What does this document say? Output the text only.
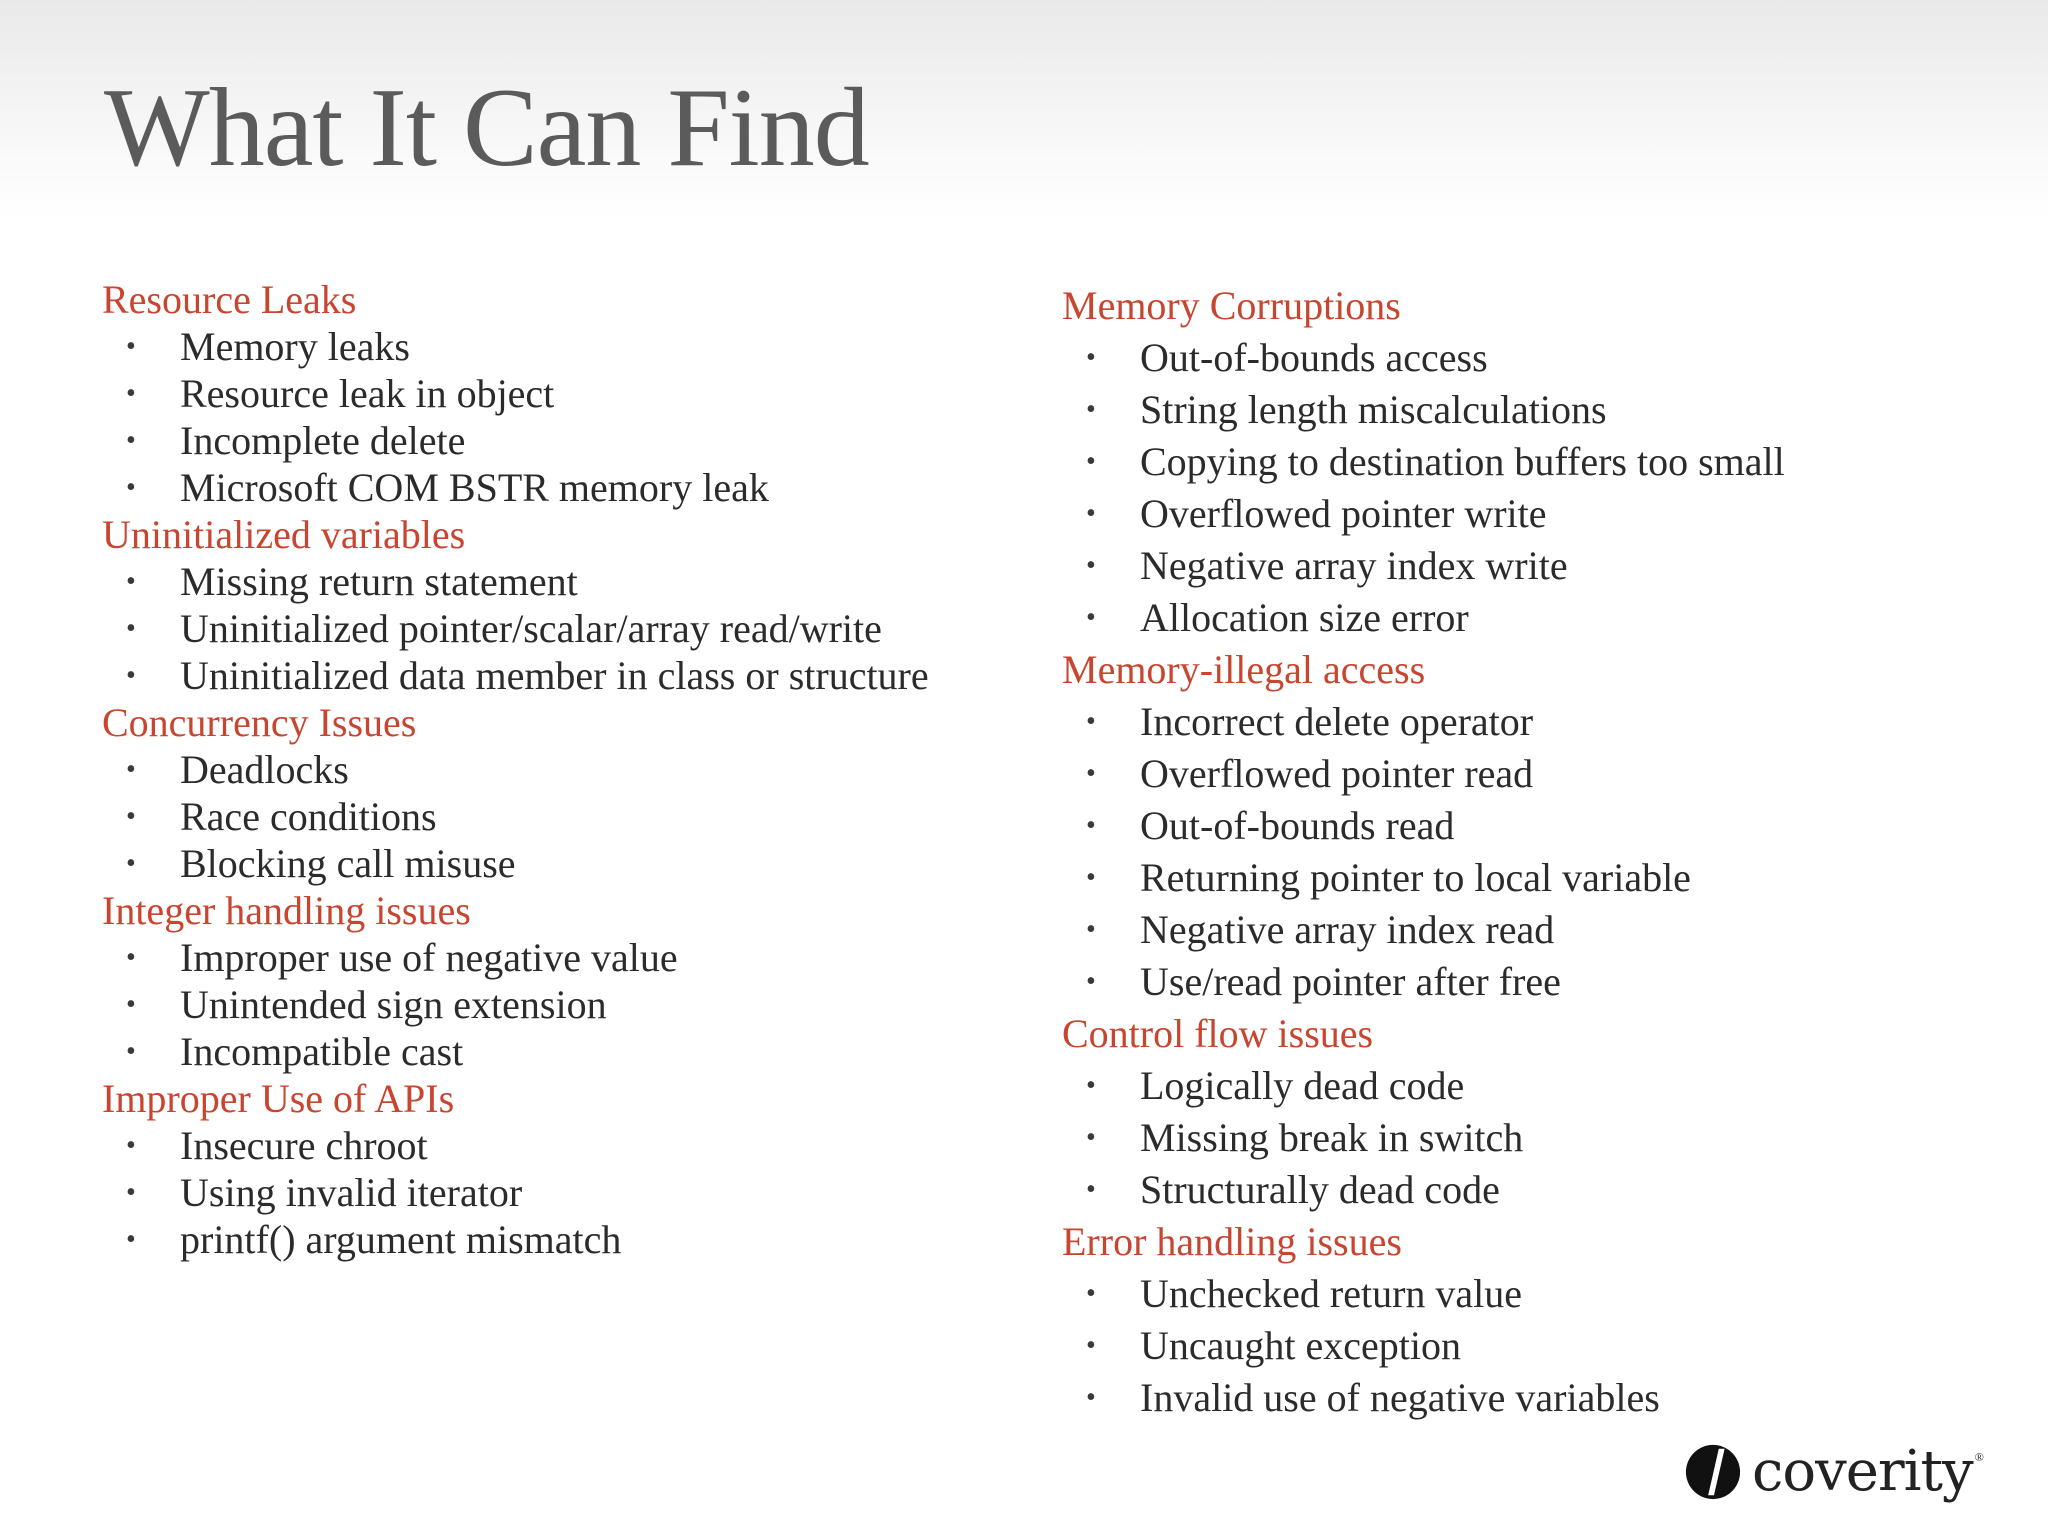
What It Can Find
Resource Leaks
• Memory leaks
• Resource leak in object
• Incomplete delete
• Microsoft COM BSTR memory leak
Uninitialized variables
• Missing return statement
• Uninitialized pointer/scalar/array read/write
• Uninitialized data member in class or structure
Concurrency Issues
• Deadlocks
• Race conditions
• Blocking call misuse
Integer handling issues
• Improper use of negative value
• Unintended sign extension
• Incompatible cast
Improper Use of APIs
• Insecure chroot
• Using invalid iterator
• printf() argument mismatch
Memory Corruptions
• Out-of-bounds access
• String length miscalculations
• Copying to destination buffers too small
• Overflowed pointer write
• Negative array index write
• Allocation size error
Memory-illegal access
• Incorrect delete operator
• Overflowed pointer read
• Out-of-bounds read
• Returning pointer to local variable
• Negative array index read
• Use/read pointer after free
Control flow issues
• Logically dead code
• Missing break in switch
• Structurally dead code
Error handling issues
• Unchecked return value
• Uncaught exception
• Invalid use of negative variables
coverity ®
